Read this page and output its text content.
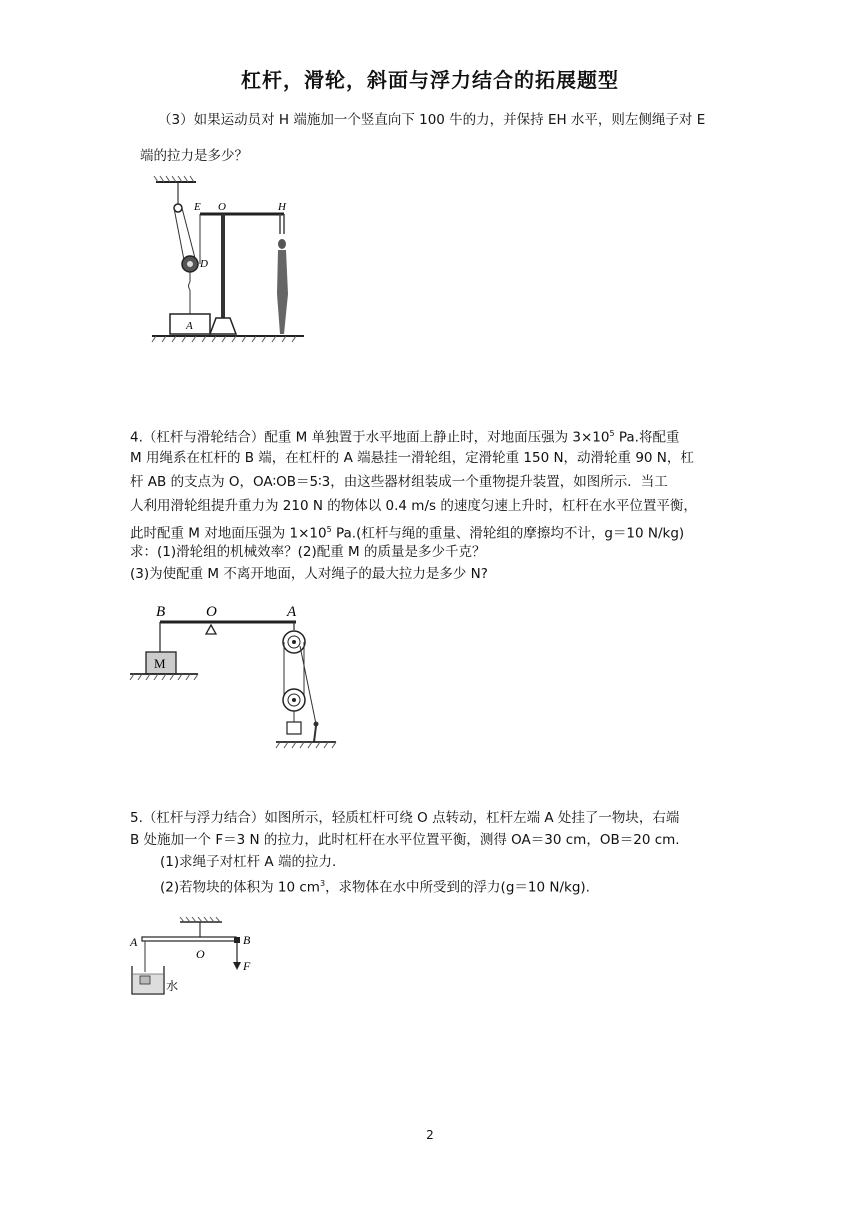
杠杆，滑轮，斜面与浮力结合的拓展题型
（3）如果运动员对 H 端施加一个竖直向下 100 牛的力，并保持 EH 水平，则左侧绳子对 E
端的拉力是多少？
E O	H
D
A
4.（杠杆与滑轮结合）配重 M 单独置于水平地面上静止时，对地面压强为 $3\times 10^5$ Pa.将配重
M 用绳系在杠杆的 B 端，在杠杆的 A 端悬挂一滑轮组，定滑轮重 150 N，动滑轮重 90 N，杠
杆 AB 的支点为 O，OA∶OB＝5∶3，由这些器材组装成一个重物提升装置，如图所示．当工
人利用滑轮组提升重力为 210 N 的物体以 0.4 m/s 的速度匀速上升时，杠杆在水平位置平衡，
此时配重 M 对地面压强为 $1\times 10^5$ Pa.(杠杆与绳的重量、滑轮组的摩擦均不计，g＝10 N/kg)
求：(1)滑轮组的机械效率？(2)配重 M 的质量是多少千克？
(3)为使配重 M 不离开地面，人对绳子的最大拉力是多少 N?
B	O	A
M
5.（杠杆与浮力结合）如图所示，轻质杠杆可绕 O 点转动，杠杆左端 A 处挂了一物块，右端
B 处施加一个 F＝3 N 的拉力，此时杠杆在水平位置平衡，测得 OA＝30 cm，OB＝20 cm.
(1)求绳子对杠杆 A 端的拉力.
(2)若物块的体积为 10 $cm^3$，求物体在水中所受到的浮力(g＝10 N/kg).
A
O
B
F
水
2
